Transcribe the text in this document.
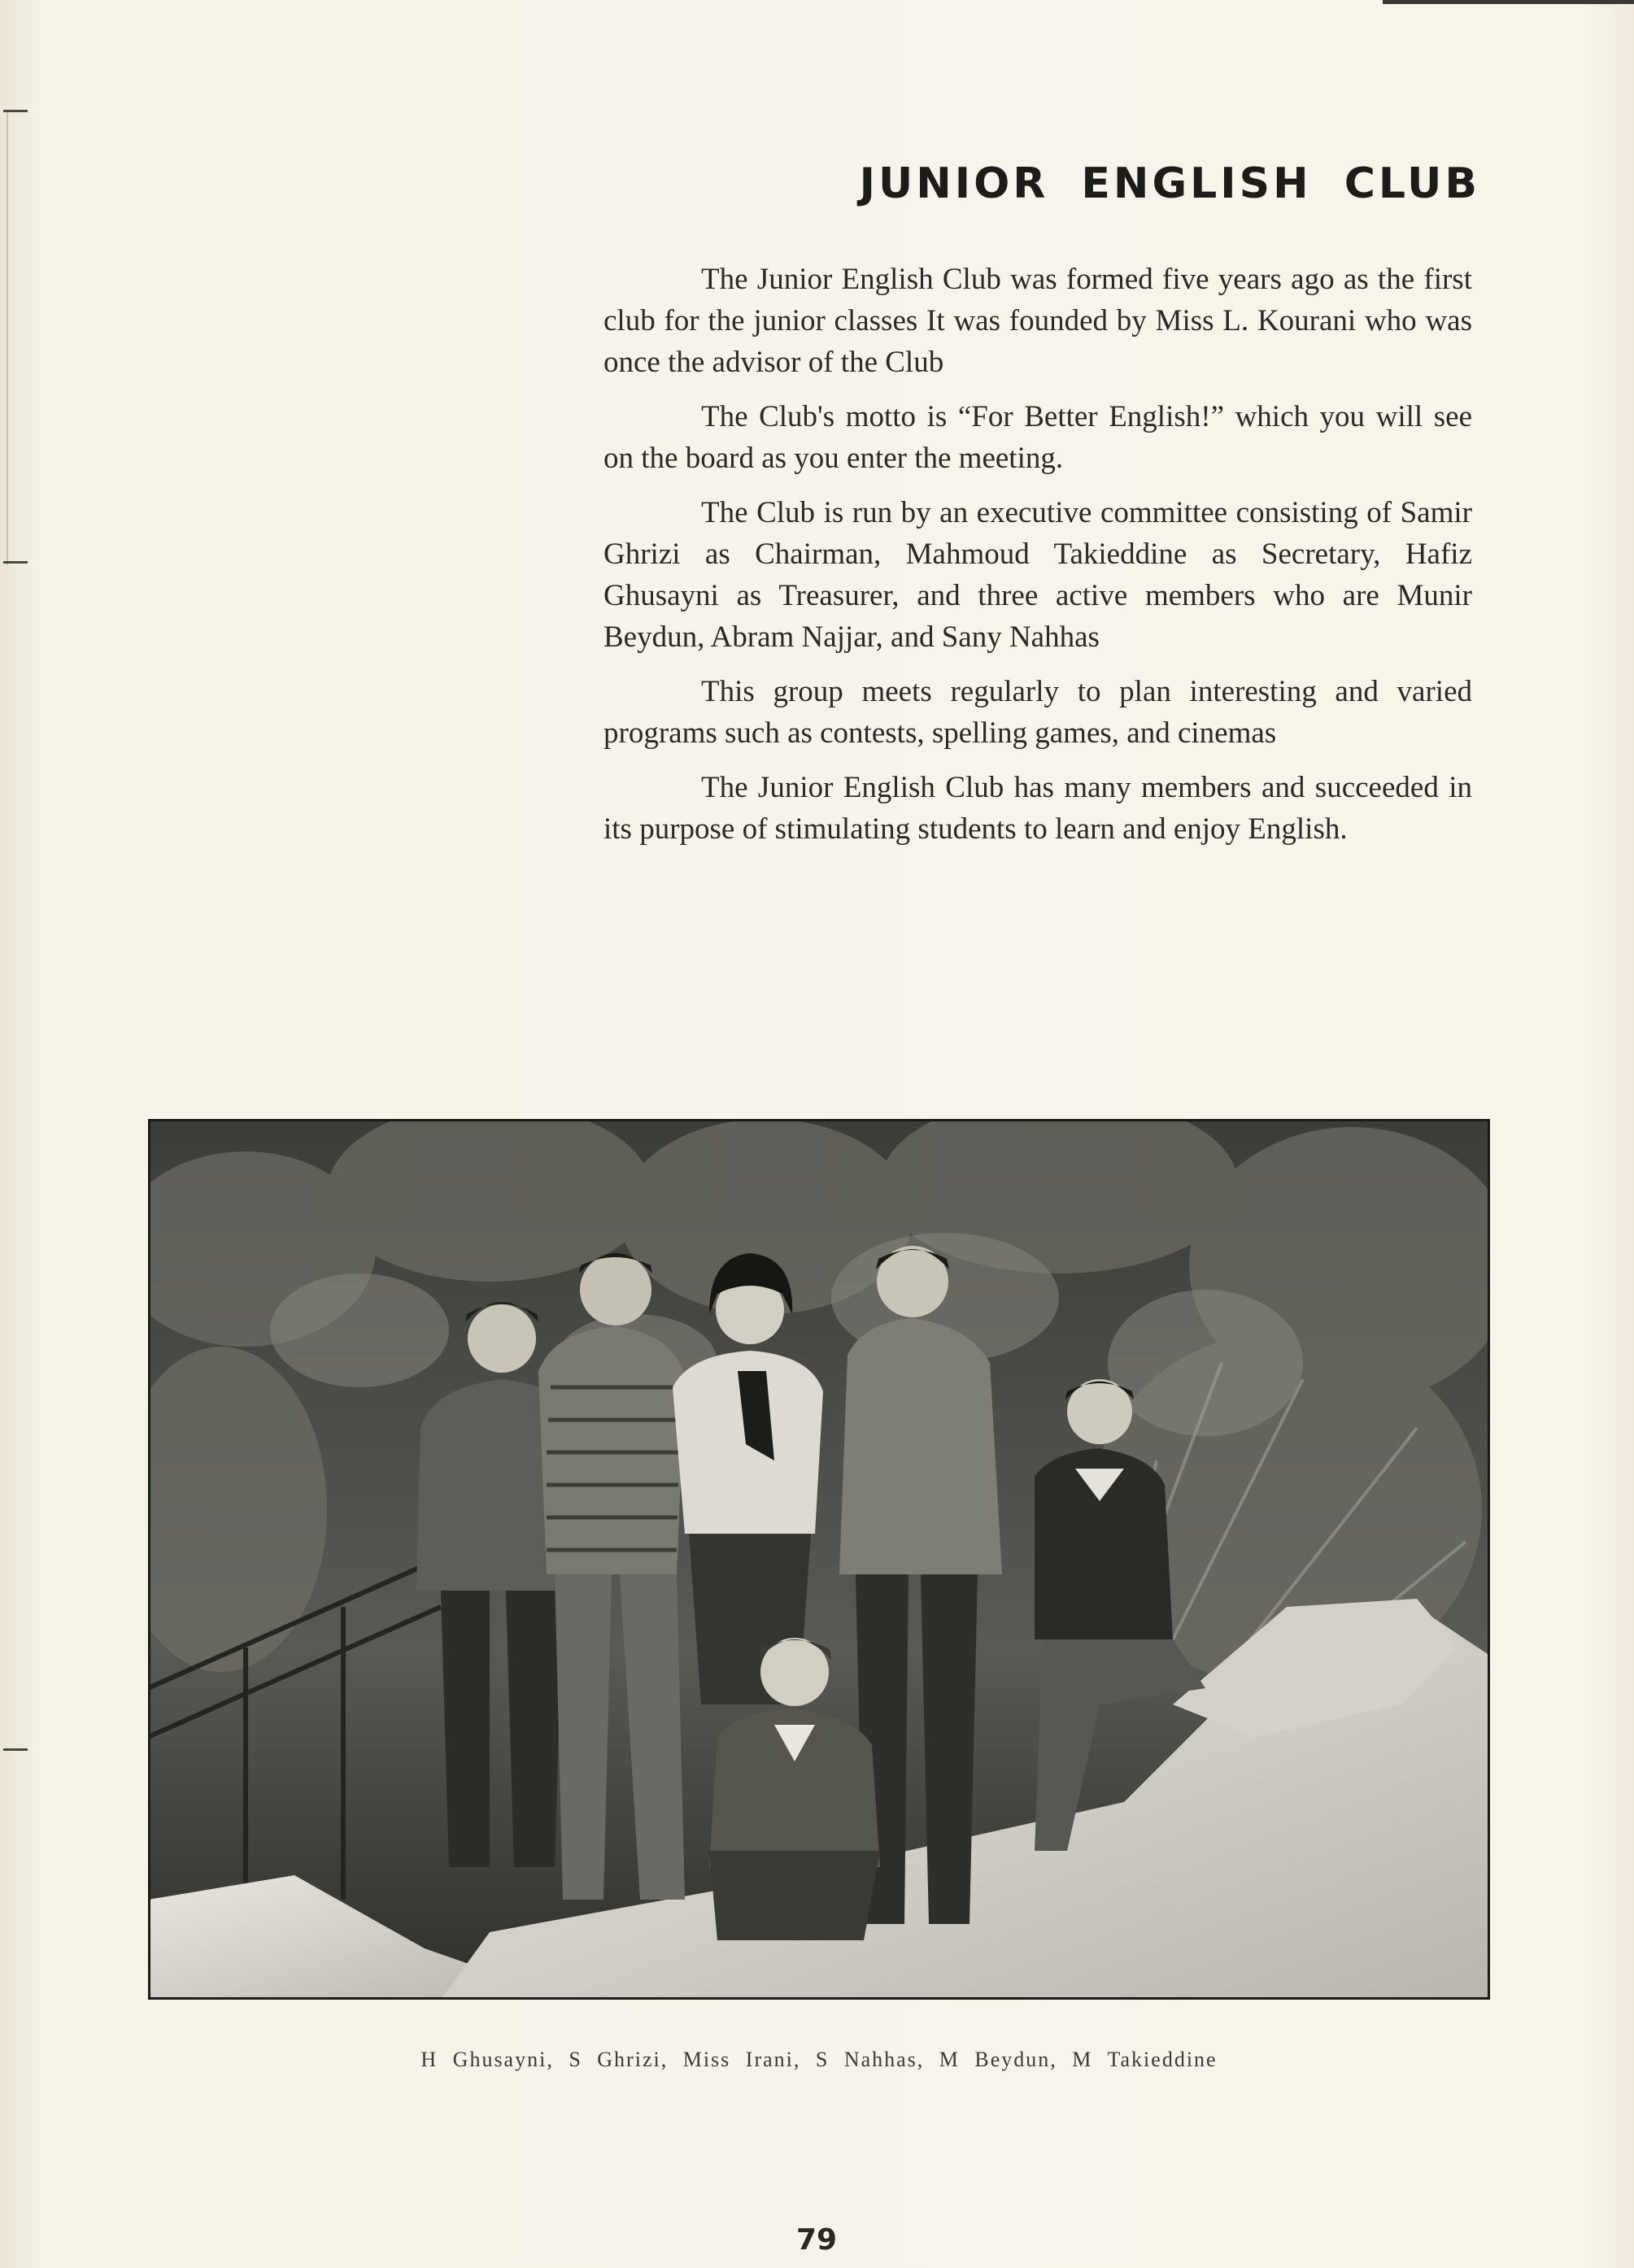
JUNIOR ENGLISH CLUB

The Junior English Club was formed five years ago as the first club for the junior classes It was founded by Miss L. Kourani who was once the advisor of the Club

The Club's motto is “For Better English!” which you will see on the board as you enter the meeting.

The Club is run by an executive committee consisting of Samir Ghrizi as Chairman, Mahmoud Takieddine as Secretary, Hafiz Ghusayni as Treasurer, and three active members who are Munir Beydun, Abram Najjar, and Sany Nahhas

This group meets regularly to plan interesting and varied programs such as contests, spelling games, and cinemas

The Junior English Club has many members and succeeded in its purpose of stimulating students to learn and enjoy English.

H Ghusayni, S Ghrizi, Miss Irani, S Nahhas, M Beydun, M Takieddine
79
